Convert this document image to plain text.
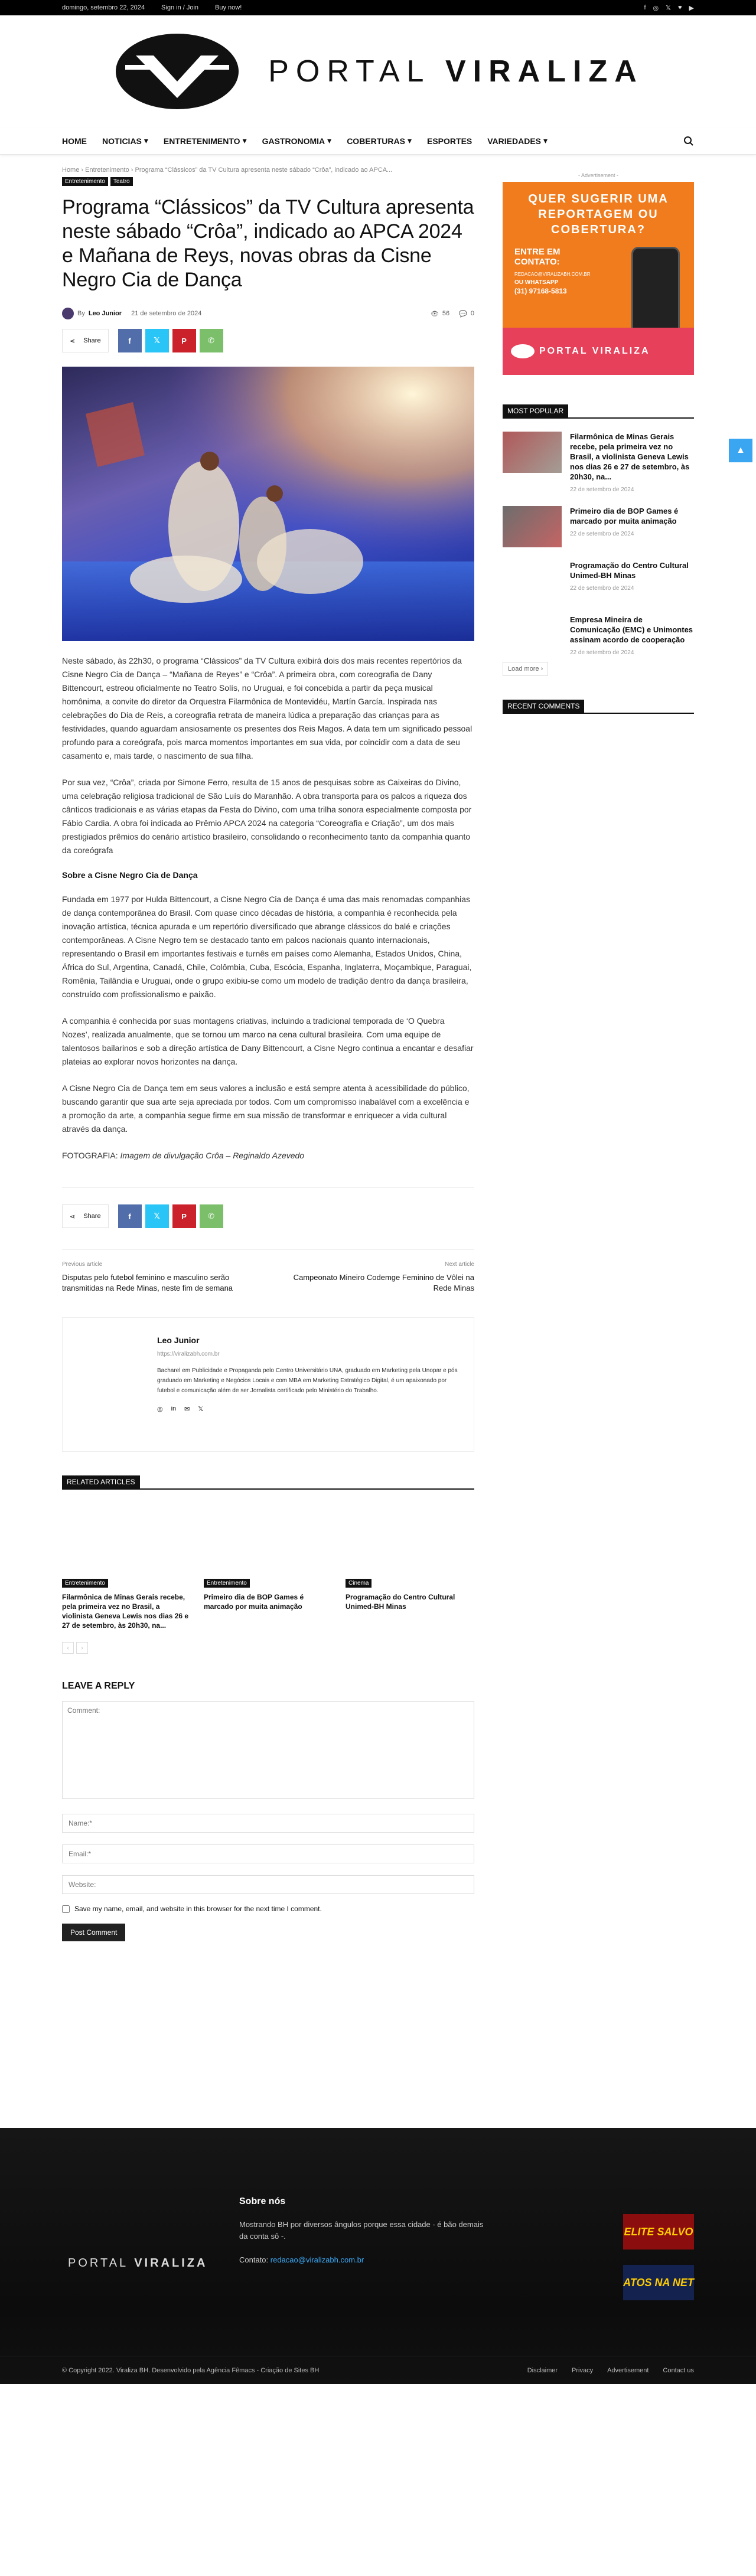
domingo, setembro 22, 2024	Sign in / Join	Buy now!	f ◎ 𝕏 ♥ ▶
PORTAL VIRALIZA
HOME NOTICIAS ▾ ENTRETENIMENTO ▾ GASTRONOMIA ▾ COBERTURAS ▾ ESPORTES VARIEDADES ▾
Home › Entretenimento › Programa “Clássicos” da TV Cultura apresenta neste sábado “Crôa”, indicado ao APCA...
Entretenimento	Teatro
Programa “Clássicos” da TV Cultura apresenta neste sábado “Crôa”, indicado ao APCA 2024 e Mañana de Reys, novas obras da Cisne Negro Cia de Dança
By Leo Junior 21 de setembro de 2024	👁 56 💬 0
⋖ Share	f	𝕏	P	✆

Neste sábado, às 22h30, o programa “Clássicos” da TV Cultura exibirá dois dos mais recentes repertórios da Cisne Negro Cia de Dança – “Mañana de Reyes” e “Crôa”. A primeira obra, com coreografia de Dany Bittencourt, estreou oficialmente no Teatro Solís, no Uruguai, e foi concebida a partir da peça musical homônima, a convite do diretor da Orquestra Filarmônica de Montevidéu, Martín García. Inspirada nas celebrações do Dia de Reis, a coreografia retrata de maneira lúdica a preparação das crianças para as festividades, quando aguardam ansiosamente os presentes dos Reis Magos. A data tem um significado pessoal profundo para a coreógrafa, pois marca momentos importantes em sua vida, por coincidir com a data de seu casamento e, mais tarde, o nascimento de sua filha.

Por sua vez, “Crôa”, criada por Simone Ferro, resulta de 15 anos de pesquisas sobre as Caixeiras do Divino, uma celebração religiosa tradicional de São Luís do Maranhão. A obra transporta para os palcos a riqueza dos cânticos tradicionais e as várias etapas da Festa do Divino, com uma trilha sonora especialmente composta por Fábio Cardia. A obra foi indicada ao Prêmio APCA 2024 na categoria “Coreografia e Criação”, um dos mais prestigiados prêmios do cenário artístico brasileiro, consolidando o reconhecimento tanto da companhia quanto da coreógrafa

Sobre a Cisne Negro Cia de Dança

Fundada em 1977 por Hulda Bittencourt, a Cisne Negro Cia de Dança é uma das mais renomadas companhias de dança contemporânea do Brasil. Com quase cinco décadas de história, a companhia é reconhecida pela inovação artística, técnica apurada e um repertório diversificado que abrange clássicos do balé e criações contemporâneas. A Cisne Negro tem se destacado tanto em palcos nacionais quanto internacionais, representando o Brasil em importantes festivais e turnês em países como Alemanha, Estados Unidos, China, África do Sul, Argentina, Canadá, Chile, Colômbia, Cuba, Escócia, Espanha, Inglaterra, Moçambique, Paraguai, Romênia, Tailândia e Uruguai, onde o grupo exibiu-se como um modelo de tradição dentro da dança brasileira, construído com profissionalismo e paixão.

A companhia é conhecida por suas montagens criativas, incluindo a tradicional temporada de ‘O Quebra Nozes’, realizada anualmente, que se tornou um marco na cena cultural brasileira. Com uma equipe de talentosos bailarinos e sob a direção artística de Dany Bittencourt, a Cisne Negro continua a encantar e desafiar plateias ao explorar novos horizontes na dança.

A Cisne Negro Cia de Dança tem em seus valores a inclusão e está sempre atenta à acessibilidade do público, buscando garantir que sua arte seja apreciada por todos. Com um compromisso inabalável com a excelência e a promoção da arte, a companhia segue firme em sua missão de transformar e enriquecer a vida cultural através da dança.

FOTOGRAFIA: Imagem de divulgação Crôa – Reginaldo Azevedo

⋖ Share	f	𝕏	P	✆
Previous article
Disputas pelo futebol feminino e masculino serão transmitidas na Rede Minas, neste fim de semana
Next article
Campeonato Mineiro Codemge Feminino de Vôlei na Rede Minas
Leo Junior
https://viralizabh.com.br

Bacharel em Publicidade e Propaganda pelo Centro Universitário UNA, graduado em Marketing pela Unopar e pós graduado em Marketing e Negócios Locais e com MBA em Marketing Estratégico Digital, é um apaixonado por futebol e comunicação além de ser Jornalista certificado pelo Ministério do Trabalho.

◎ in ✉ 𝕏
RELATED ARTICLES
Entretenimento
Filarmônica de Minas Gerais recebe, pela primeira vez no Brasil, a violinista Geneva Lewis nos dias 26 e 27 de setembro, às 20h30, na...
Entretenimento
Primeiro dia de BOP Games é marcado por muita animação
Cinema
Programação do Centro Cultural Unimed-BH Minas
‹	›
LEAVE A REPLY
Comment:
Name:*
Email:*
Website:
Save my name, email, and website in this browser for the next time I comment.
Post Comment
- Advertisement -
QUER SUGERIR UMA REPORTAGEM OU COBERTURA?
ENTRE EM CONTATO:
REDACAO@VIRALIZABH.COM.BR
OU WHATSAPP
(31) 97168-5813
PORTAL VIRALIZA
MOST POPULAR
Filarmônica de Minas Gerais recebe, pela primeira vez no Brasil, a violinista Geneva Lewis nos dias 26 e 27 de setembro, às 20h30, na...
22 de setembro de 2024
Primeiro dia de BOP Games é marcado por muita animação
22 de setembro de 2024
Programação do Centro Cultural Unimed-BH Minas
22 de setembro de 2024
Empresa Mineira de Comunicação (EMC) e Unimontes assinam acordo de cooperação
22 de setembro de 2024
Load more ›
RECENT COMMENTS
PORTAL VIRALIZA
Sobre nós

Mostrando BH por diversos ângulos porque essa cidade - é bão demais da conta sô -.

Contato: redacao@viralizabh.com.br

ELITE SALVO
ATOS NA NET
© Copyright 2022. Viraliza BH. Desenvolvido pela Agência Fêmacs - Criação de Sites BH	Disclaimer Privacy Advertisement Contact us
▲
